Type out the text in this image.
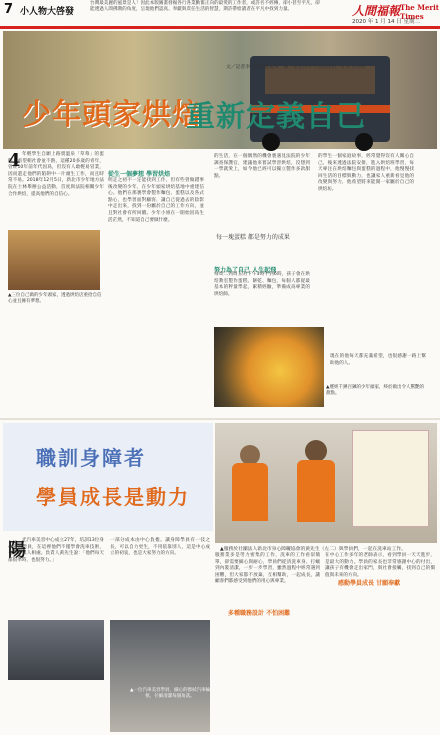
7 小人物大啓發
台灣最美麗的風景是人！因此本版圖畫發掘各行各業勤奮正向的最愛的工作者，或許名不經傳，卻小甚至平凡，卻能透過人間佛教的角度，呈現他們認真、奉獻與責任生活的智慧，期許帶給讀者在平凡中找到力量。	人間福報 The Merit Times
2020 年 1 月 14 日 星期二
文／記者李昆明專題報導　圖／新北市少年法院提供．記者李昆明
少年頭家烘焙
重新定義自己
4 年輕學生自願上路賣溫泉「草莓」的蛋糕，看望朝社會並不熱，這種20多歲的青年，曾經10年前年代因爲，但沒有人敢輕易冒業，因而遊走他們的陷阱中一片頭生工作，而且時常不易。2018年12月5日，新北市少年地方法院在士林舉辦公益活動，首度與法院相關少年合作烘焙，提高他們的自信心。
▲三位自己做的少年頭家，透過烘焙店重拾自信心並且擁有夢想。
從生一個夢想 學習烘焙
明走之初不一定能找到工作，但有些曾做錯事後改變的少年，在少年頭家烘焙基地中重建信心。他們在那裏學會製作麵包、蛋糕以及各式點心，也學習面對顧客，讓自己從過去的陰影中走出來，找到一份屬於自己的工作方向，並且對社會有所回饋。少年小姐在一開始因爲生活茫然，不知道自己要做什麼。
的生活，在一個偶然的機會裏遇見法院的少年調查保護官，建議他來嘗試學習烘焙，沒想到一學就愛上，如今他已經可以獨立製作多款甜點。
每一塊蛋糕 都是努力的成果
努力為了自己 人生起飛
每周二到周五的下午3時半到6時，孩子會在烘焙教室製作蛋糕、餅乾、麵包，每個人都從最基本的秤量學起，累積經驗，準備成爲專業的烘焙師。
的學生一個家庭故事，經常覺得沒有人關心自己，後來透過法院安排，進入烘焙班學習，每天專注在烘焙麵包與蛋糕的過程中，他慢慢找回生活的目標與動力，也讓家人重新看見他的改變與努力，他希望將來能開一家屬於自己的烘焙坊。
現在的他每天都充滿希望，也很感謝一路上幫助他的人。
▲歷經千錘百鍊的少年頭家，終於做出令人驚艷的甜點。
職訓身障者
學員成長是動力
▲服務於社團法人新北市身心障礙協會的黃先生（左二）與學員們，一起在洗車站工作。
陽
光汽車美容中心成立27年，培訓13位身心障礙學員，在這裡他們不僅學會洗車技術，也學會與人相處。負責人黃先生說：「他們每天都很準時，也很努力。」
一部分成本由中心負擔。讓身障學員有一技之長，可以自力更生，不用依靠別人，這是中心成立的初衷，也是大家努力的方向。	服務業多是勞力密集的工作，洗車的工作看似簡單，卻需要細心與耐心，學員們從清洗車身、打蠟到內裝清潔，一步一步學習，雖然過程中經常遇到困難，但大家都不放棄，互相幫助，一起成長，讓顧客們都感受到他們的用心與專業。
多種職務設計 不怕困難
在中心工作多年的老師表示，看到學員一天天進步，是最大的動力。學員的家長也非常感謝中心的付出，讓孩子有機會走出家門，與社會接觸，找到自己的價值與未來的方向。
感動學員成長 甘願奉獻
▲一位汽車美容學員，細心的擦拭汽車輪框，仔細清潔每個角落。
